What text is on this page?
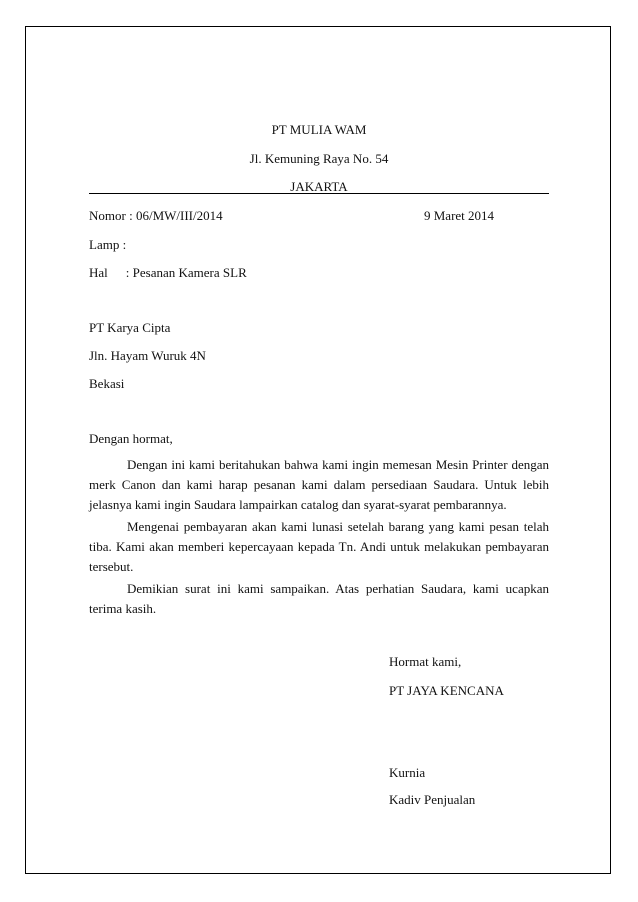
PT MULIA WAM
Jl. Kemuning Raya No. 54
JAKARTA
Nomor : 06/MW/III/2014	9 Maret 2014
Lamp :
Hal : Pesanan Kamera SLR
PT Karya Cipta
Jln. Hayam Wuruk 4N
Bekasi
Dengan hormat,
Dengan ini kami beritahukan bahwa kami ingin memesan Mesin Printer dengan merk Canon dan kami harap pesanan kami dalam persediaan Saudara. Untuk lebih jelasnya kami ingin Saudara lampairkan catalog dan syarat-syarat pembarannya.
Mengenai pembayaran akan kami lunasi setelah barang yang kami pesan telah tiba. Kami akan memberi kepercayaan kepada Tn. Andi untuk melakukan pembayaran tersebut.
Demikian surat ini kami sampaikan. Atas perhatian Saudara, kami ucapkan terima kasih.
Hormat kami,
PT JAYA KENCANA
Kurnia
Kadiv Penjualan
